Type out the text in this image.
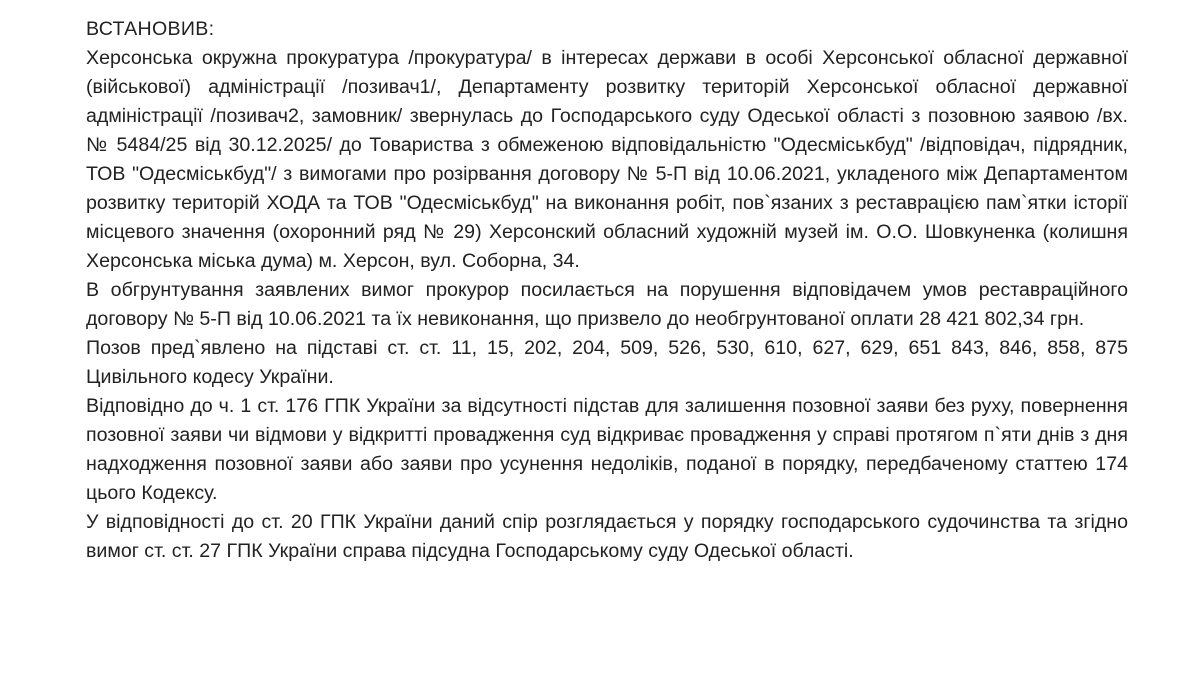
ВСТАНОВИВ:

Херсонська окружна прокуратура /прокуратура/ в інтересах держави в особі Херсонської обласної державної (військової) адміністрації /позивач1/, Департаменту розвитку територій Херсонської обласної державної адміністрації /позивач2, замовник/ звернулась до Господарського суду Одеської області з позовною заявою /вх. № 5484/25 від 30.12.2025/ до Товариства з обмеженою відповідальністю "Одесміськбуд" /відповідач, підрядник, ТОВ "Одесміськбуд"/ з вимогами про розірвання договору № 5-П від 10.06.2021, укладеного між Департаментом розвитку територій ХОДА та ТОВ "Одесміськбуд" на виконання робіт, пов`язаних з реставрацією пам`ятки історії місцевого значення (охоронний ряд № 29) Херсонский обласний художній музей ім. О.О. Шовкуненка (колишня Херсонська міська дума) м. Херсон, вул. Соборна, 34.

В обгрунтування заявлених вимог прокурор посилається на порушення відповідачем умов реставраційного договору № 5-П від 10.06.2021 та їх невиконання, що призвело до необгрунтованої оплати 28 421 802,34 грн.

Позов пред`явлено на підставі ст. ст. 11, 15, 202, 204, 509, 526, 530, 610, 627, 629, 651 843, 846, 858, 875 Цивільного кодесу України.

Відповідно до ч. 1 ст. 176 ГПК України за відсутності підстав для залишення позовної заяви без руху, повернення позовної заяви чи відмови у відкритті провадження суд відкриває провадження у справі протягом п`яти днів з дня надходження позовної заяви або заяви про усунення недоліків, поданої в порядку, передбаченому статтею 174 цього Кодексу.

У відповідності до ст. 20 ГПК України даний спір розглядається у порядку господарського судочинства та згідно вимог ст. ст. 27 ГПК України справа підсудна Господарському суду Одеської області.
